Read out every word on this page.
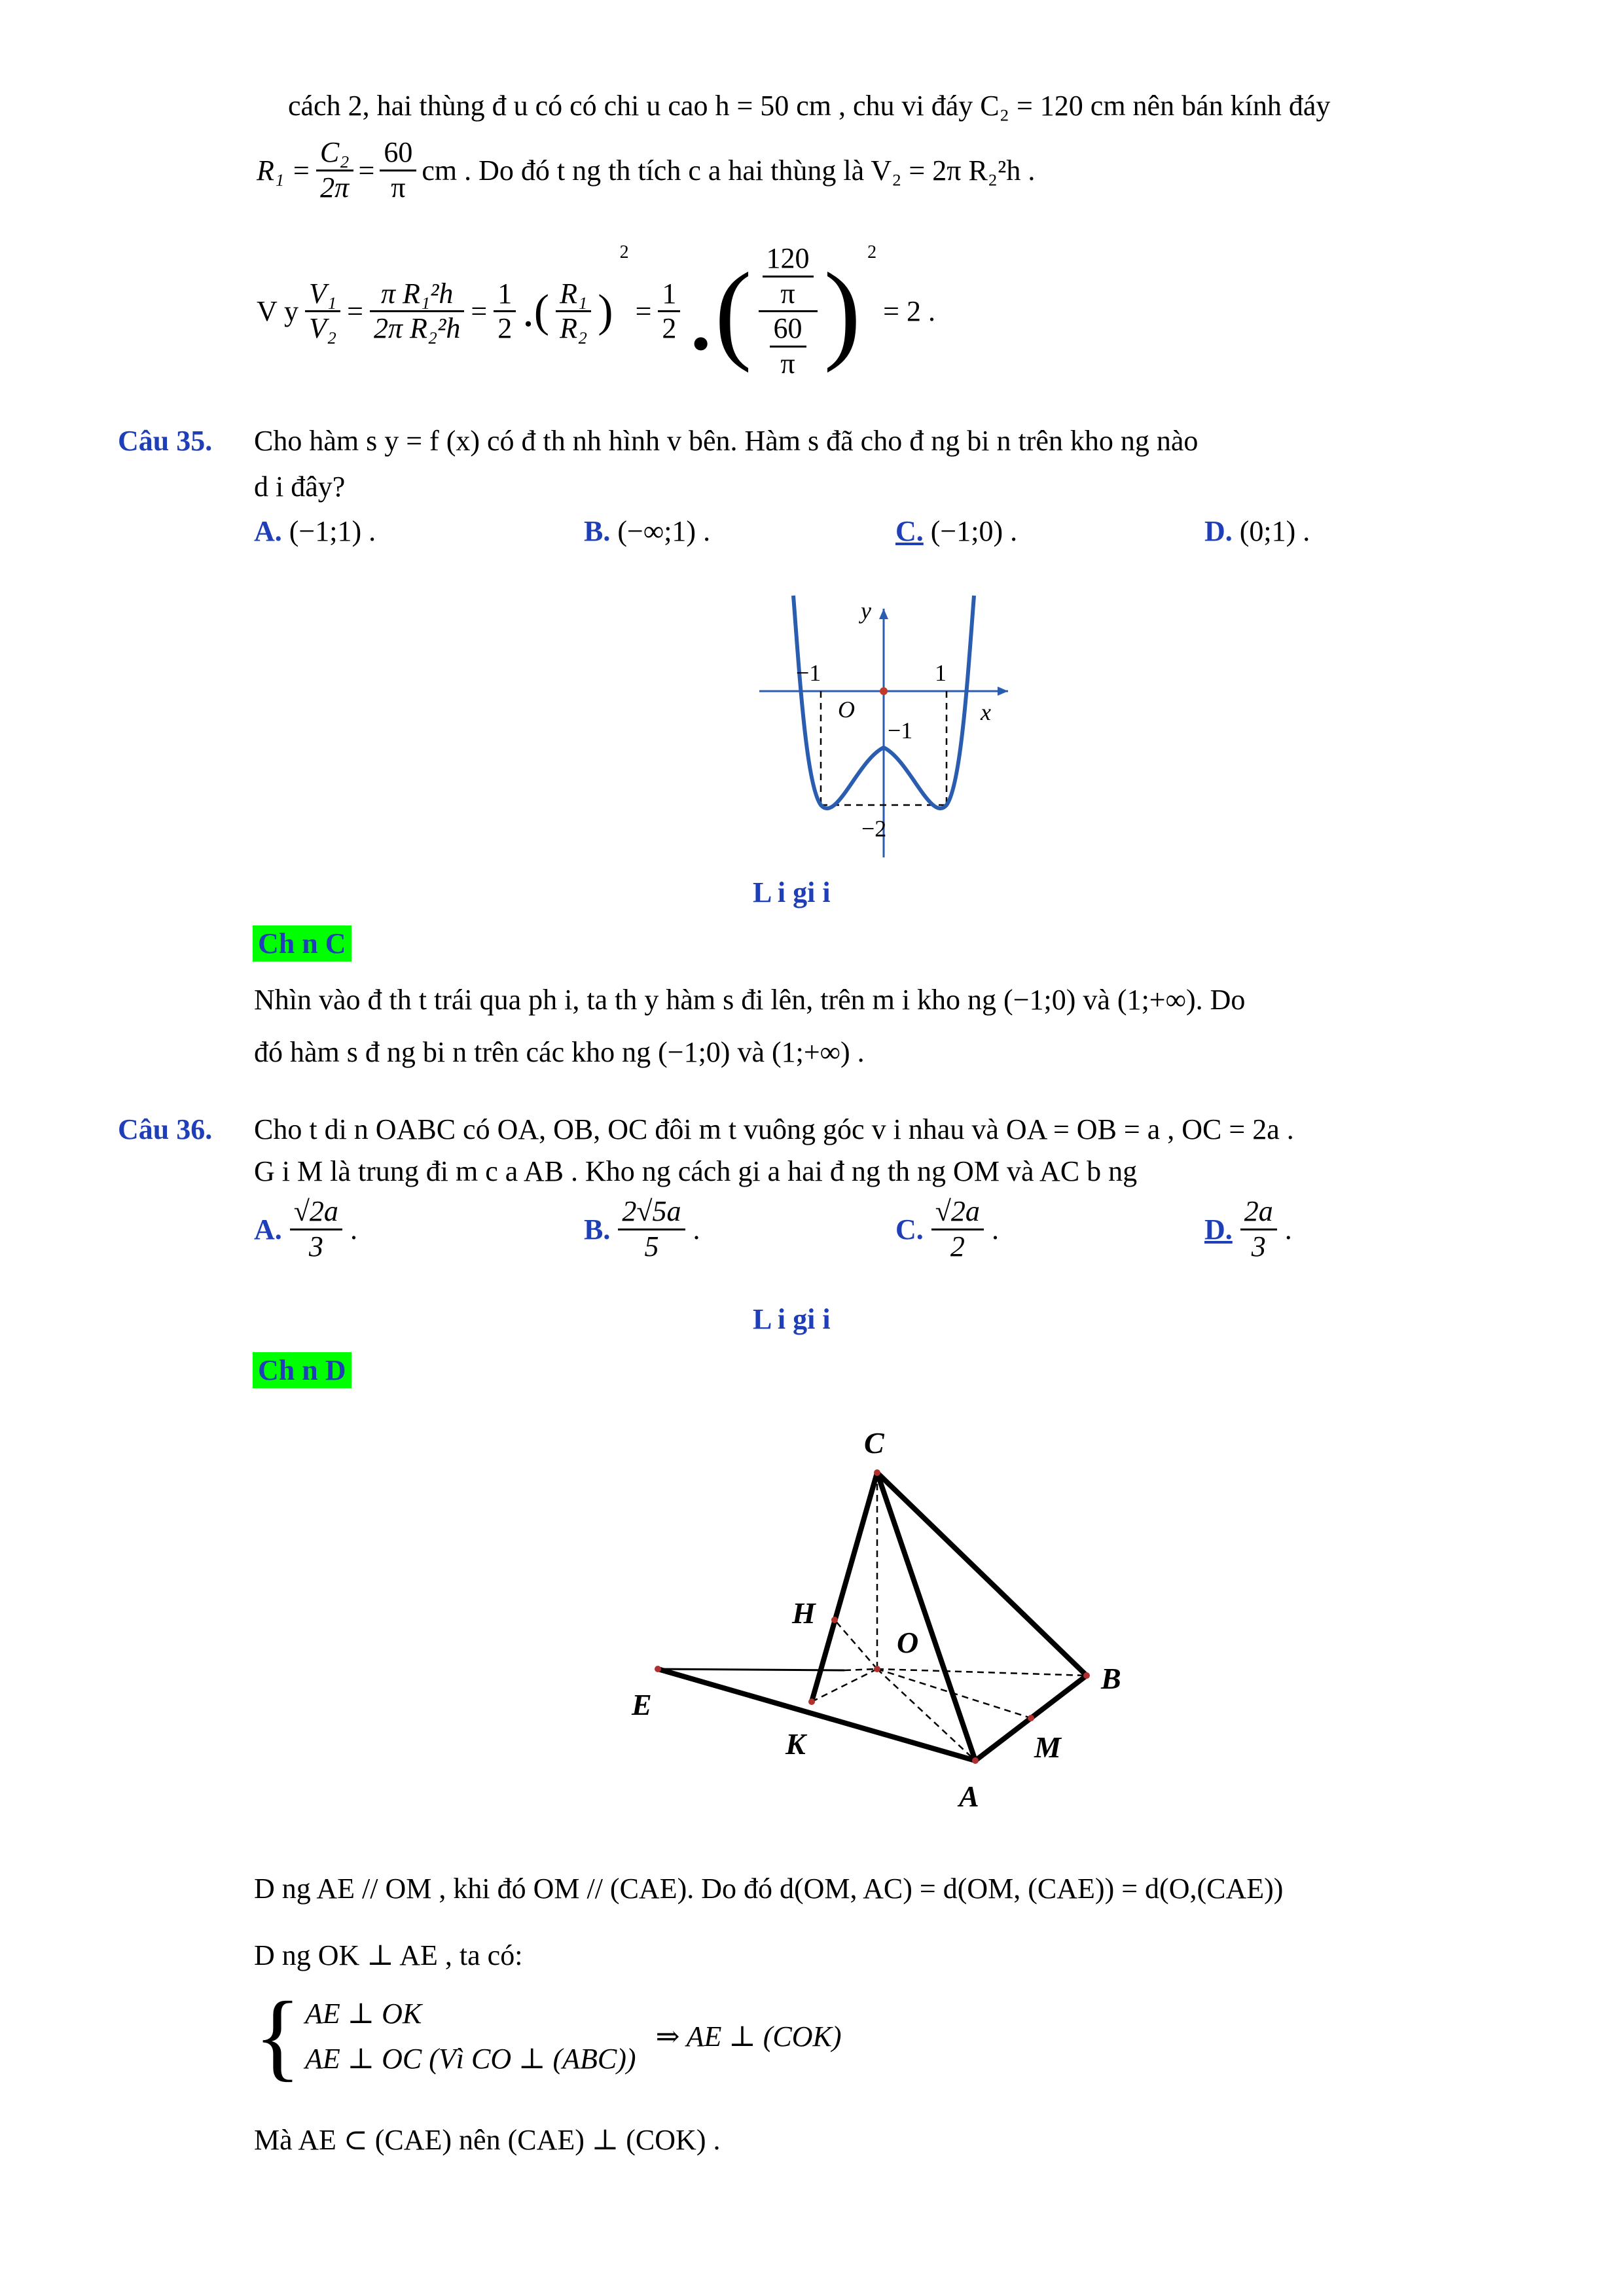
cách 2, hai thùng đ u có có chi u cao h = 50 cm , chu vi đáy C₂ = 120 cm nên bán kính đáy
$R_1 = \frac{\text{C₂}}{2\pi} = \frac{60}{\pi}$ cm . Do đó t ng th tích c a hai thùng là V₂ = 2π R₂²h .
V y $\frac{\text{V₁}}{\text{V₂}} = \frac{\text{π R₁²h}}{\text{2π R₂²h}} = \frac{1}{2}$ .( $\frac{\text{R₁}}{\text{R₂}}$ )
2
= $\frac{1}{2}$ .( $\frac{\frac{120}{\pi}}{\frac{60}{\pi}}$ ) $^2$
= 2 .
Câu 35. Cho hàm s y = f (x) có đ th nh hình v bên. Hàm s đã cho đ ng bi n trên kho ng nào
d i đây?
A. (−1;1) .	B. (−∞;1) .	C. (−1;0) .	D. (0;1) .
y
x
O
−1	1
−1
−2
L i gi i
Ch n C
Nhìn vào đ th t trái qua ph i, ta th y hàm s đi lên, trên m i kho ng (−1;0) và (1;+∞). Do
đó hàm s đ ng bi n trên các kho ng (−1;0) và (1;+∞) .
Câu 36. Cho t di n OABC có OA, OB, OC đôi m t vuông góc v i nhau và OA = OB = a , OC = 2a .
G i M là trung đi m c a AB . Kho ng cách gi a hai đ ng th ng OM và AC b ng
A. $\frac{√2a}{3}$ .	B. $\frac{2√5a}{5}$ .	C. $\frac{√2a}{2}$ .	D. $\frac{2a}{3}$ .
L i gi i
Ch n D
C
H
O
B
E
K	M
A
D ng AE // OM , khi đó OM // (CAE). Do đó d(OM, AC) = d(OM, (CAE)) = d(O,(CAE))
D ng OK ⊥ AE , ta có:
{ AE ⊥ OK
AE ⊥ OC (Vì CO ⊥ (ABC))
⇒ AE ⊥ (COK)
Mà AE ⊂ (CAE) nên (CAE) ⊥ (COK) .
